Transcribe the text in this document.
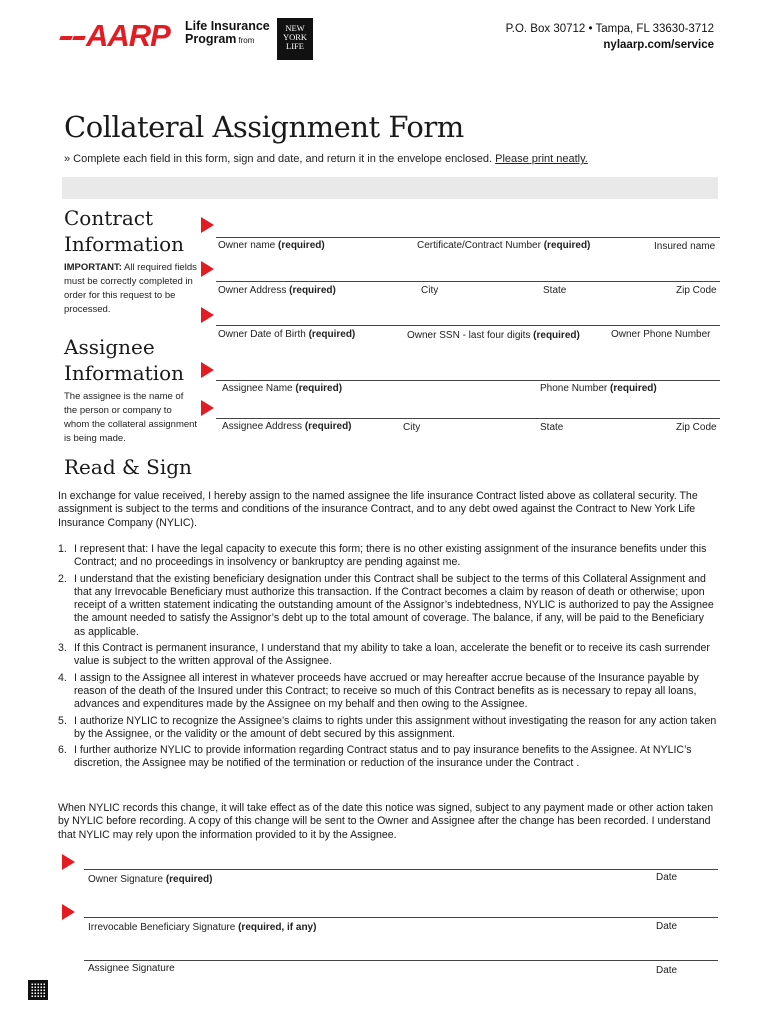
AARP Life Insurance
Program from
NEW
YORK
LIFE
P.O. Box 30712 • Tampa, FL 33630-3712
nylaarp.com/service
Collateral Assignment Form
» Complete each field in this form, sign and date, and return it in the envelope enclosed. Please print neatly.
Contract
Information
IMPORTANT: All required fields must be correctly completed in order for this request to be processed.
Owner name (required)	Certificate/Contract Number (required)	Insured name
Owner Address (required)	City	State	Zip Code
Owner Date of Birth (required)	Owner SSN - last four digits (required)	Owner Phone Number
Assignee
Information
The assignee is the name of the person or company to whom the collateral assignment is being made.
Assignee Name (required)	Phone Number (required)
Assignee Address (required)	City	State	Zip Code
Read & Sign
In exchange for value received, I hereby assign to the named assignee the life insurance Contract listed above as collateral security. The assignment is subject to the terms and conditions of the insurance Contract, and to any debt owed against the Contract to New York Life Insurance Company (NYLIC).
1. I represent that: I have the legal capacity to execute this form; there is no other existing assignment of the insurance benefits under this Contract; and no proceedings in insolvency or bankruptcy are pending against me.
2. I understand that the existing beneficiary designation under this Contract shall be subject to the terms of this Collateral Assignment and that any Irrevocable Beneficiary must authorize this transaction. If the Contract becomes a claim by reason of death or otherwise; upon receipt of a written statement indicating the outstanding amount of the Assignor’s indebtedness, NYLIC is authorized to pay the Assignee the amount needed to satisfy the Assignor’s debt up to the total amount of coverage. The balance, if any, will be paid to the Beneficiary as applicable.
3. If this Contract is permanent insurance, I understand that my ability to take a loan, accelerate the benefit or to receive its cash surrender value is subject to the written approval of the Assignee.
4. I assign to the Assignee all interest in whatever proceeds have accrued or may hereafter accrue because of the Insurance payable by reason of the death of the Insured under this Contract; to receive so much of this Contract benefits as is necessary to repay all loans, advances and expenditures made by the Assignee on my behalf and then owing to the Assignee.
5. I authorize NYLIC to recognize the Assignee’s claims to rights under this assignment without investigating the reason for any action taken by the Assignee, or the validity or the amount of debt secured by this assignment.
6. I further authorize NYLIC to provide information regarding Contract status and to pay insurance benefits to the Assignee. At NYLIC’s discretion, the Assignee may be notified of the termination or reduction of the insurance under the Contract .
When NYLIC records this change, it will take effect as of the date this notice was signed, subject to any payment made or other action taken by NYLIC before recording. A copy of this change will be sent to the Owner and Assignee after the change has been recorded. I understand that NYLIC may rely upon the information provided to it by the Assignee.
Owner Signature (required)	Date
Irrevocable Beneficiary Signature (required, if any)	Date
Assignee Signature	Date
